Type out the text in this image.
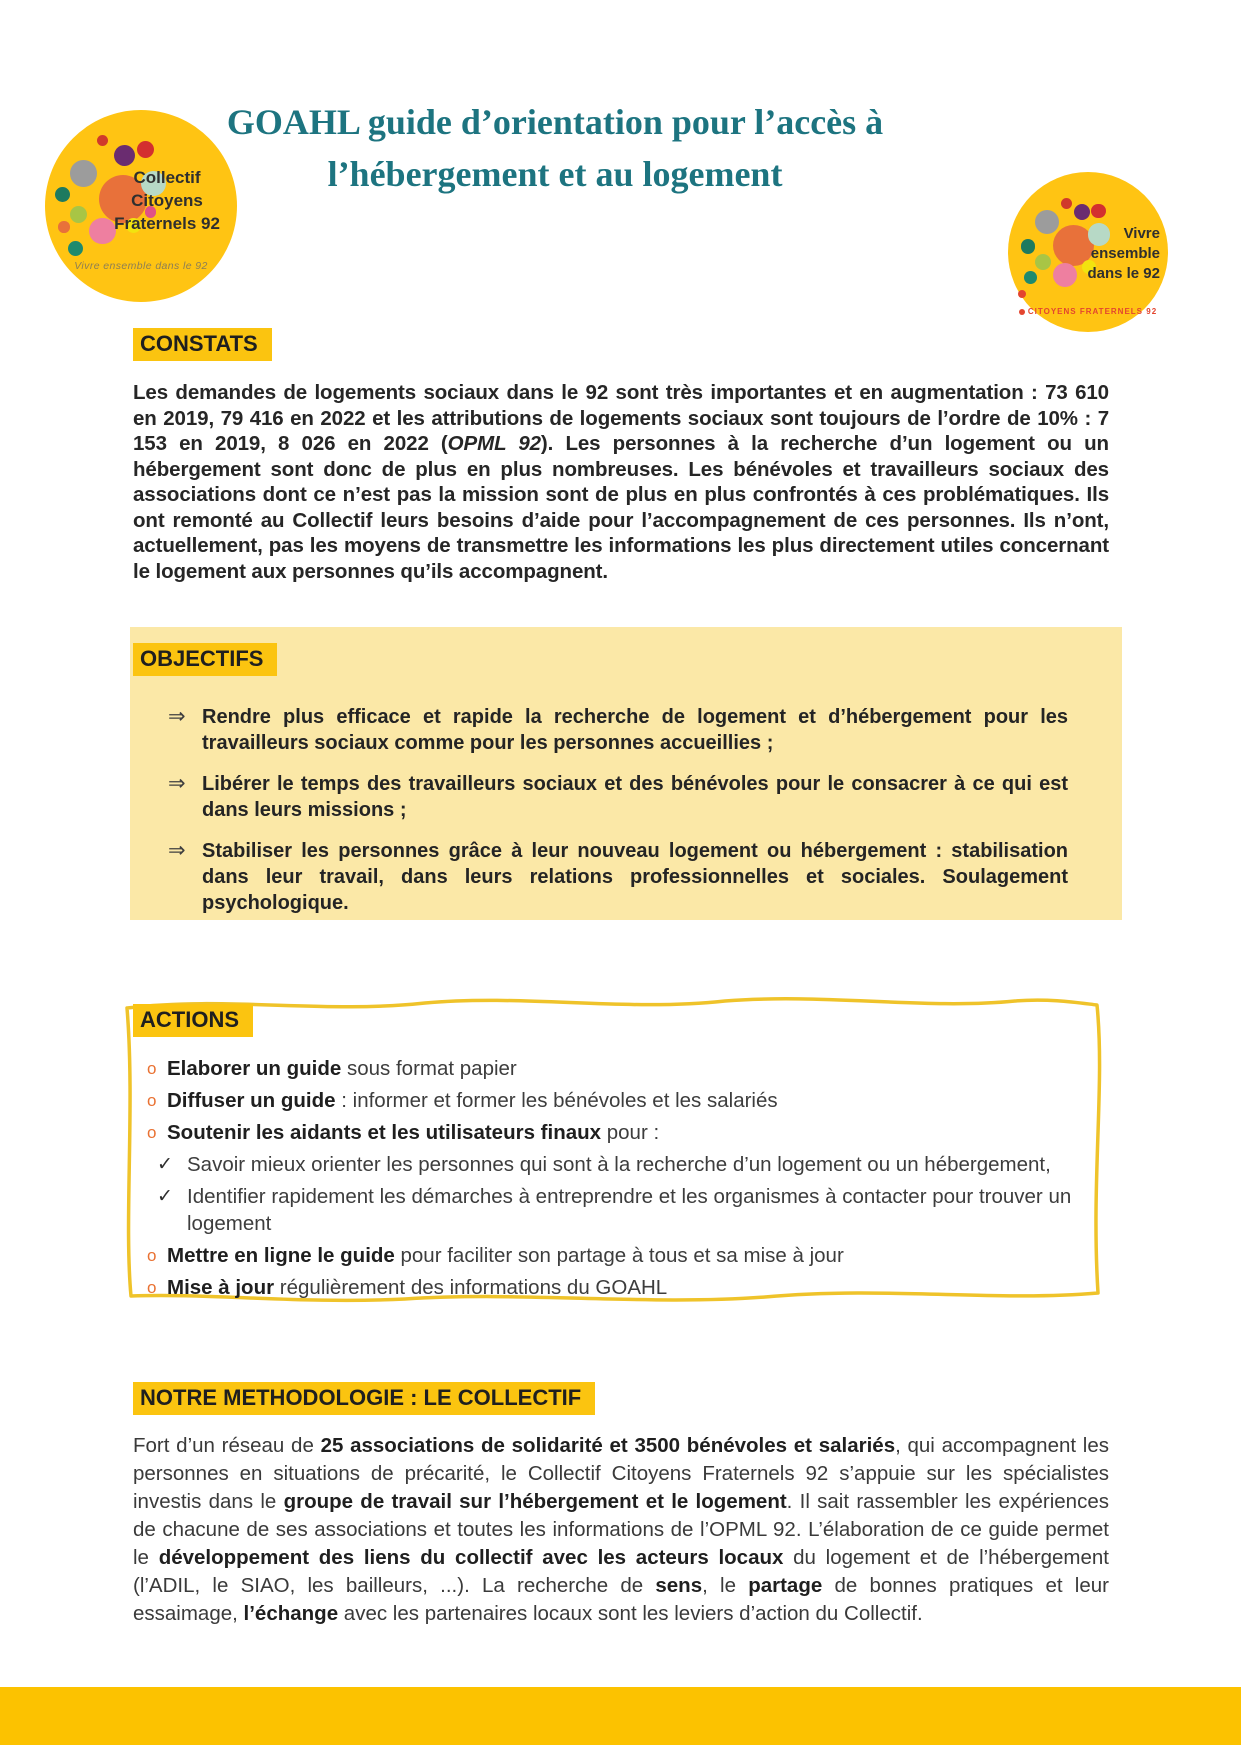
GOAHL guide d’orientation pour l’accès à
l’hébergement et au logement
Collectif
Citoyens
Fraternels 92
Vivre ensemble dans le 92
Vivre
ensemble
dans le 92
CITOYENS FRATERNELS 92
CONSTATS

Les demandes de logements sociaux dans le 92 sont très importantes et en augmentation : 73 610 en 2019, 79 416 en 2022 et les attributions de logements sociaux sont toujours de l’ordre de 10% : 7 153 en 2019, 8 026 en 2022 (OPML 92). Les personnes à la recherche d’un logement ou un hébergement sont donc de plus en plus nombreuses. Les bénévoles et travailleurs sociaux des associations dont ce n’est pas la mission sont de plus en plus confrontés à ces problématiques. Ils ont remonté au Collectif leurs besoins d’aide pour l’accompagnement de ces personnes. Ils n’ont, actuellement, pas les moyens de transmettre les informations les plus directement utiles concernant le logement aux personnes qu’ils accompagnent.

OBJECTIFS
⇒ Rendre plus efficace et rapide la recherche de logement et d’hébergement pour les travailleurs sociaux comme pour les personnes accueillies ;
⇒ Libérer le temps des travailleurs sociaux et des bénévoles pour le consacrer à ce qui est dans leurs missions ;
⇒ Stabiliser les personnes grâce à leur nouveau logement ou hébergement : stabilisation dans leur travail, dans leurs relations professionnelles et sociales. Soulagement psychologique.
ACTIONS
o Elaborer un guide sous format papier
o Diffuser un guide : informer et former les bénévoles et les salariés
o Soutenir les aidants et les utilisateurs finaux pour :
✓ Savoir mieux orienter les personnes qui sont à la recherche d’un logement ou un hébergement,
✓ Identifier rapidement les démarches à entreprendre et les organismes à contacter pour trouver un logement
o Mettre en ligne le guide pour faciliter son partage à tous et sa mise à jour
o Mise à jour régulièrement des informations du GOAHL
NOTRE METHODOLOGIE : LE COLLECTIF

Fort d’un réseau de 25 associations de solidarité et 3500 bénévoles et salariés, qui accompagnent les personnes en situations de précarité, le Collectif Citoyens Fraternels 92 s’appuie sur les spécialistes investis dans le groupe de travail sur l’hébergement et le logement. Il sait rassembler les expériences de chacune de ses associations et toutes les informations de l’OPML 92. L’élaboration de ce guide permet le développement des liens du collectif avec les acteurs locaux du logement et de l’hébergement (l’ADIL, le SIAO, les bailleurs, ...). La recherche de sens, le partage de bonnes pratiques et leur essaimage, l’échange avec les partenaires locaux sont les leviers d’action du Collectif.
